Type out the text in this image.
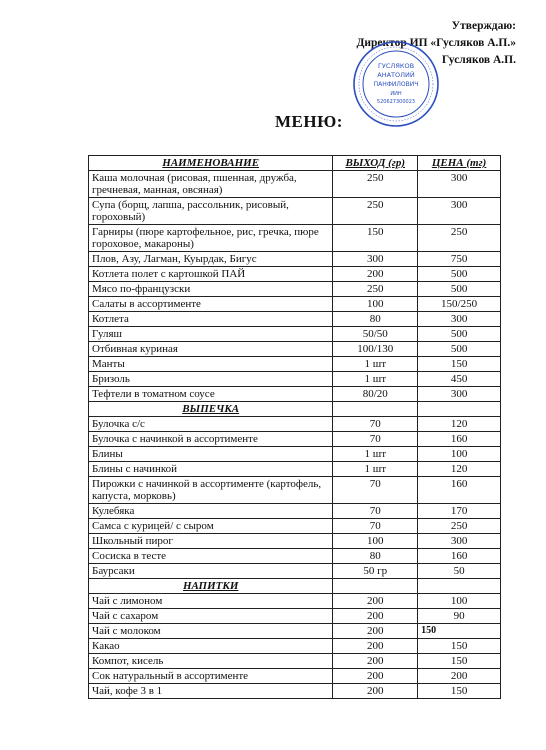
Утверждаю:
Директор ИП «Гусляков А.П.»
Гусляков А.П.
ГУСЛЯКОВ
АНАТОЛИЙ
ПАНФИЛОВИЧ
ИИН
520627300023
МЕНЮ:
НАИМЕНОВАНИЕ	ВЫХОД (гр)	ЦЕНА (тг)
Каша молочная (рисовая, пшенная, дружба, гречневая, манная, овсяная)	250	300
Супа (борщ, лапша, рассольник, рисовый, гороховый)	250	300
Гарниры (пюре картофельное, рис, гречка, пюре гороховое, макароны)	150	250
Плов, Азу, Лагман, Куырдак, Бигус	300	750
Котлета полет с картошкой ПАЙ	200	500
Мясо по-французски	250	500
Салаты в ассортименте	100	150/250
Котлета	80	300
Гуляш	50/50	500
Отбивная куриная	100/130	500
Манты	1 шт	150
Бризоль	1 шт	450
Тефтели в томатном соусе	80/20	300
ВЫПЕЧКА		
Булочка с/с	70	120
Булочка с начинкой в ассортименте	70	160
Блины	1 шт	100
Блины с начинкой	1 шт	120
Пирожки с начинкой в ассортименте (картофель, капуста, морковь)	70	160
Кулебяка	70	170
Самса с курицей/ с сыром	70	250
Школьный пирог	100	300
Сосиска в тесте	80	160
Баурсаки	50 гр	50
НАПИТКИ		
Чай с лимоном	200	100
Чай с сахаром	200	90
Чай с молоком	200	150
Какао	200	150
Компот, кисель	200	150
Сок натуральный в ассортименте	200	200
Чай, кофе 3 в 1	200	150
